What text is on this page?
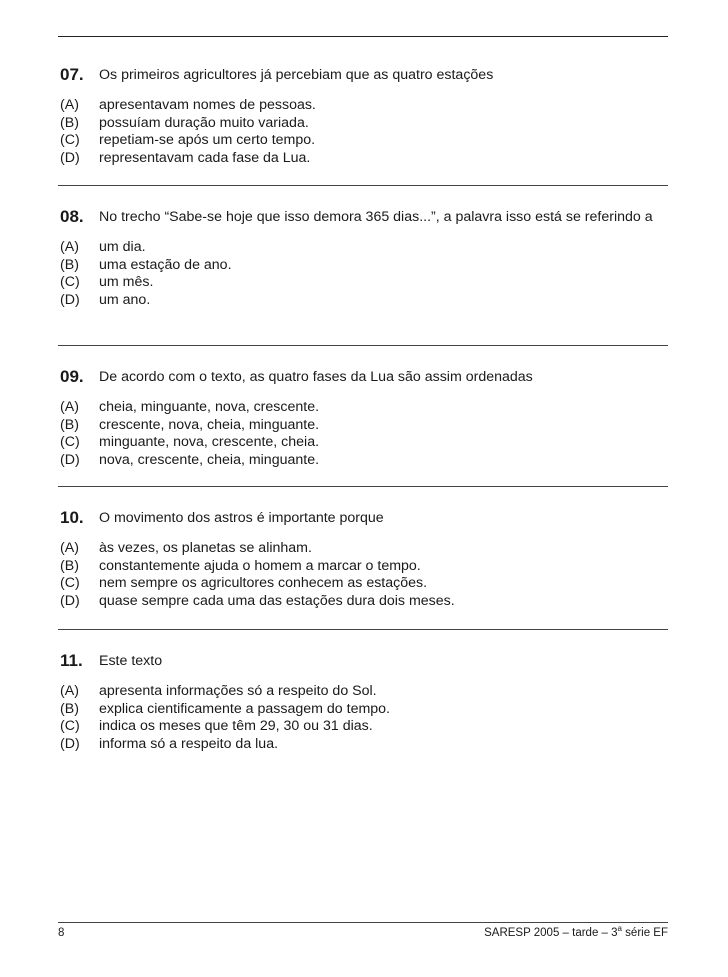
07.	Os primeiros agricultores já percebiam que as quatro estações
(A)	apresentavam nomes de pessoas.
(B)	possuíam duração muito variada.
(C)	repetiam-se após um certo tempo.
(D)	representavam cada fase da Lua.
08.	No trecho “Sabe-se hoje que isso demora 365 dias...”, a palavra isso está se referindo a
(A)	um dia.
(B)	uma estação de ano.
(C)	um mês.
(D)	um ano.
09.	De acordo com o texto, as quatro fases da Lua são assim ordenadas
(A)	cheia, minguante, nova, crescente.
(B)	crescente, nova, cheia, minguante.
(C)	minguante, nova, crescente, cheia.
(D)	nova, crescente, cheia, minguante.
10.	O movimento dos astros é importante porque
(A)	às vezes, os planetas se alinham.
(B)	constantemente ajuda o homem a marcar o tempo.
(C)	nem sempre os agricultores conhecem as estações.
(D)	quase sempre cada uma das estações dura dois meses.
11.	Este texto
(A)	apresenta informações só a respeito do Sol.
(B)	explica cientificamente a passagem do tempo.
(C)	indica os meses que têm 29, 30 ou 31 dias.
(D)	informa só a respeito da lua.
8	SARESP 2005 – tarde – 3$^a$ série EF
